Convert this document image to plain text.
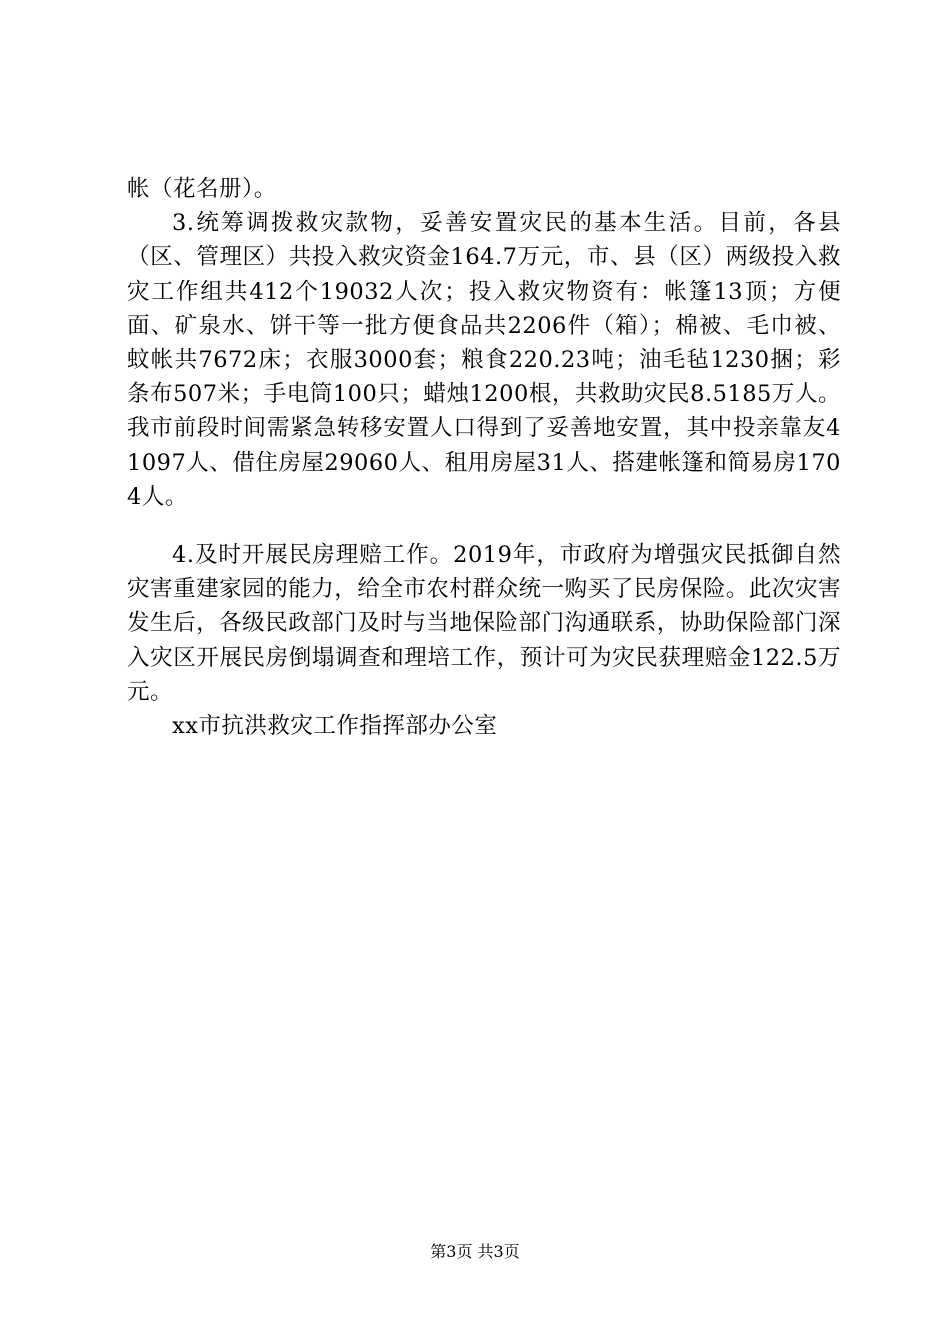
帐（花名册）。

3.统筹调拨救灾款物，妥善安置灾民的基本生活。目前，各县（区、管理区）共投入救灾资金164.7万元，市、县（区）两级投入救灾工作组共412个19032人次；投入救灾物资有：帐篷13顶；方便面、矿泉水、饼干等一批方便食品共2206件（箱）；棉被、毛巾被、蚊帐共7672床；衣服3000套；粮食220.23吨；油毛毡1230捆；彩条布507米；手电筒100只；蜡烛1200根，共救助灾民8.5185万人。我市前段时间需紧急转移安置人口得到了妥善地安置，其中投亲靠友41097人、借住房屋29060人、租用房屋31人、搭建帐篷和简易房1704人。

4.及时开展民房理赔工作。2019年，市政府为增强灾民抵御自然灾害重建家园的能力，给全市农村群众统一购买了民房保险。此次灾害发生后，各级民政部门及时与当地保险部门沟通联系，协助保险部门深入灾区开展民房倒塌调查和理培工作，预计可为灾民获理赔金122.5万元。

xx市抗洪救灾工作指挥部办公室

第3页 共3页
